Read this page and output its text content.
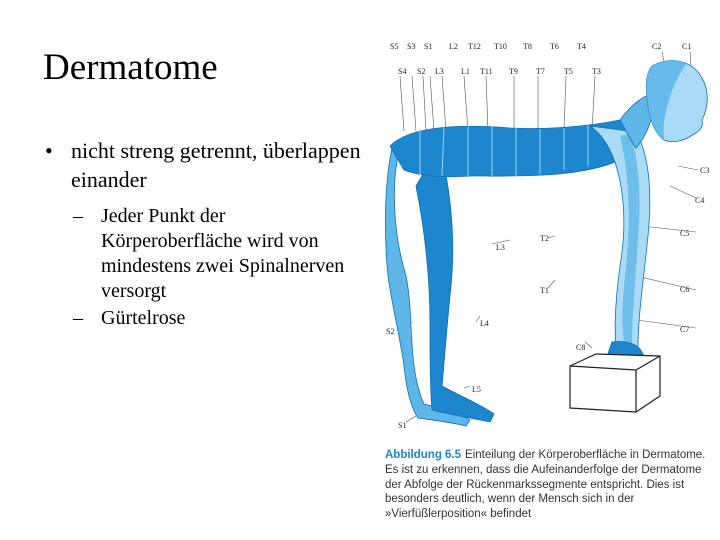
Dermatome
• nicht streng getrennt, überlappen einander
– Jeder Punkt der Körperoberfläche wird von mindestens zwei Spinalnerven versorgt
– Gürtelrose
S5 S3 S1 L2 T12 T10 T8 T6 T4	C2	C1
S4 S2 L3 L1 T11 T9 T7 T5 T3
C3
C4
C5
C6
C7
C8
L3
T2
T1
L4
L5
S2
S1
Abbildung 6.5 Einteilung der Körperoberfläche in Dermatome. Es ist zu erkennen, dass die Aufeinanderfolge der Dermatome der Abfolge der Rückenmarkssegmente entspricht. Dies ist besonders deutlich, wenn der Mensch sich in der »Vierfüßlerposition« befindet
